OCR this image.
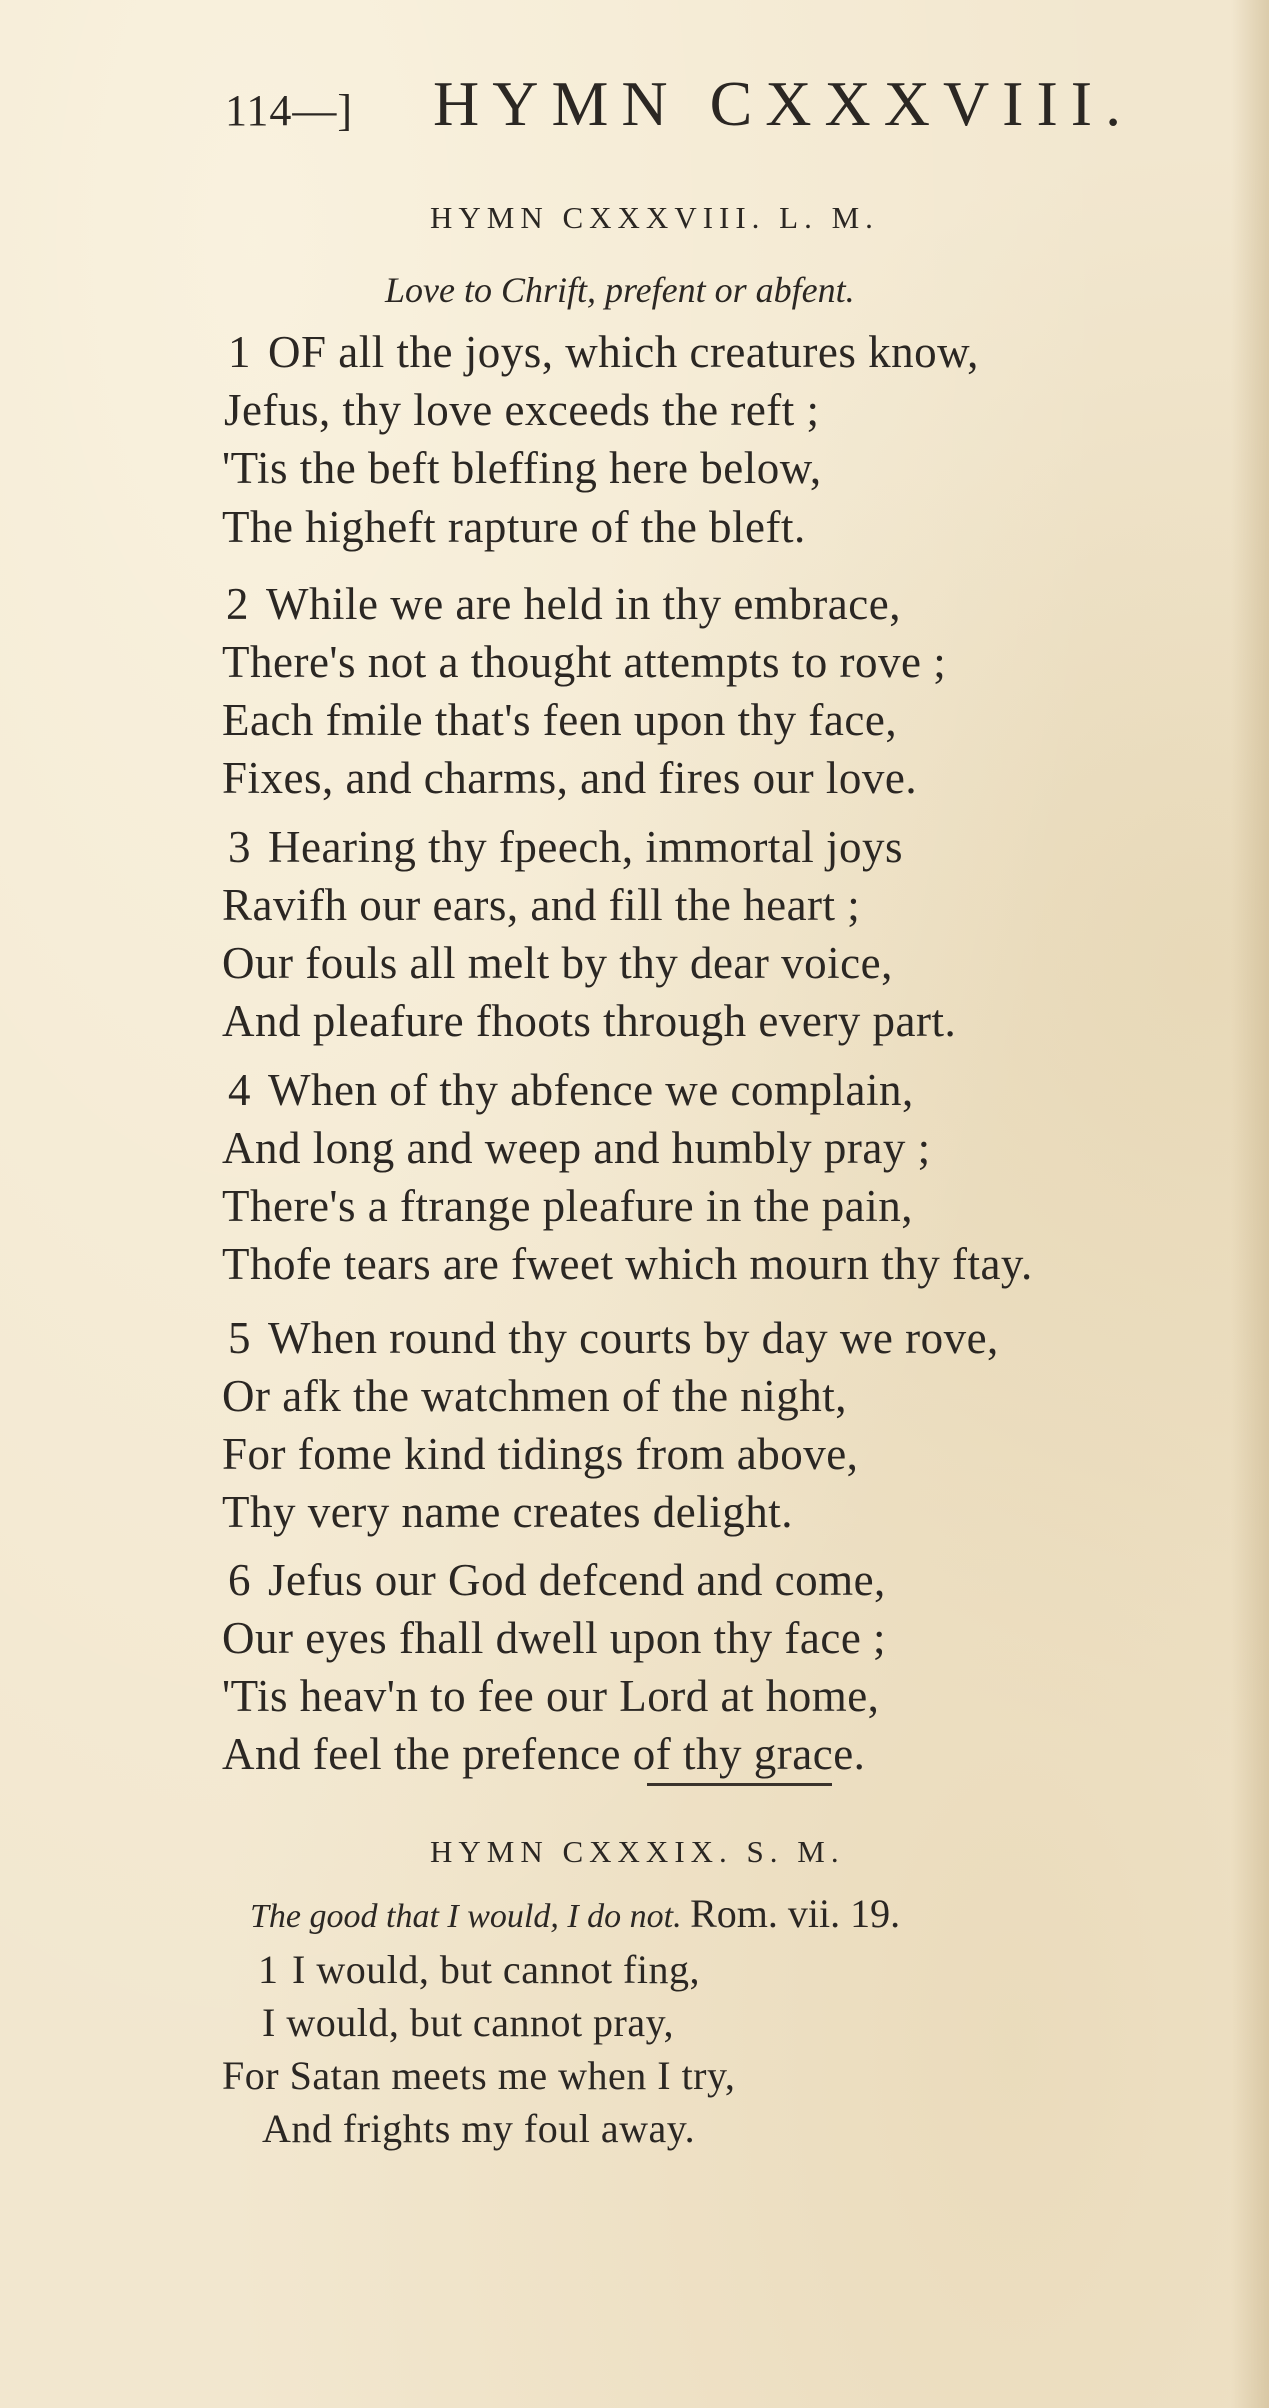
114—] HYMN CXXXVIII.
HYMN CXXXVIII. L. M.
Love to Chrift, prefent or abfent.
1 OF all the joys, which creatures know,
Jefus, thy love exceeds the reft ;
'Tis the beft bleffing here below,
The higheft rapture of the bleft.
2 While we are held in thy embrace,
There's not a thought attempts to rove ;
Each fmile that's feen upon thy face,
Fixes, and charms, and fires our love.
3 Hearing thy fpeech, immortal joys
Ravifh our ears, and fill the heart ;
Our fouls all melt by thy dear voice,
And pleafure fhoots through every part.
4 When of thy abfence we complain,
And long and weep and humbly pray ;
There's a ftrange pleafure in the pain,
Thofe tears are fweet which mourn thy ftay.
5 When round thy courts by day we rove,
Or afk the watchmen of the night,
For fome kind tidings from above,
Thy very name creates delight.
6 Jefus our God defcend and come,
Our eyes fhall dwell upon thy face ;
'Tis heav'n to fee our Lord at home,
And feel the prefence of thy grace.
HYMN CXXXIX. S. M.
The good that I would, I do not. Rom. vii. 19.
1 I would, but cannot fing,
I would, but cannot pray,
For Satan meets me when I try,
And frights my foul away.
